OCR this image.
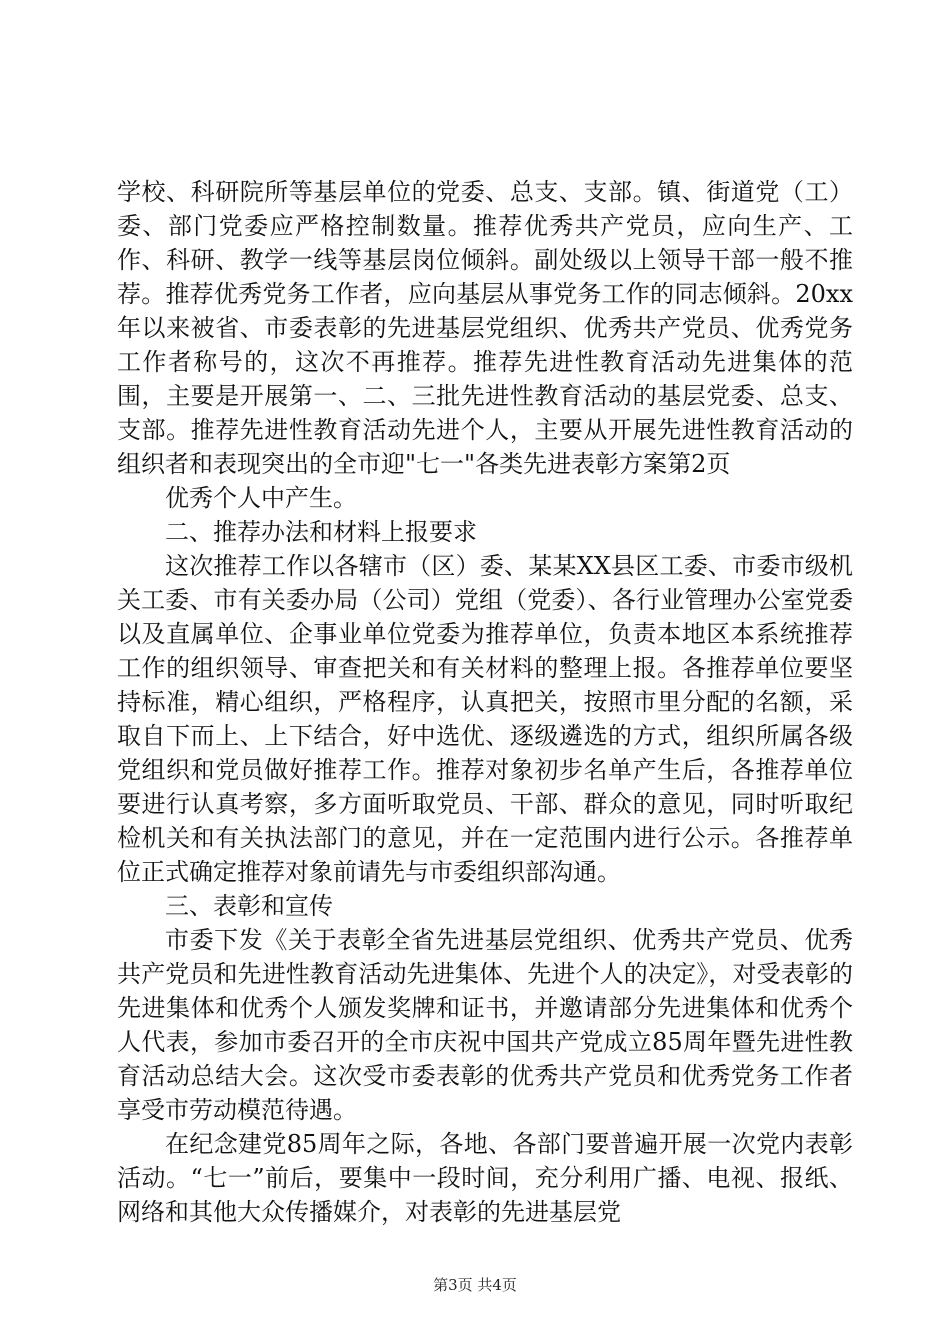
学校、科研院所等基层单位的党委、总支、支部。镇、街道党（工）委、部门党委应严格控制数量。推荐优秀共产党员，应向生产、工作、科研、教学一线等基层岗位倾斜。副处级以上领导干部一般不推荐。推荐优秀党务工作者，应向基层从事党务工作的同志倾斜。20xx年以来被省、市委表彰的先进基层党组织、优秀共产党员、优秀党务工作者称号的，这次不再推荐。推荐先进性教育活动先进集体的范围，主要是开展第一、二、三批先进性教育活动的基层党委、总支、支部。推荐先进性教育活动先进个人，主要从开展先进性教育活动的组织者和表现突出的全市迎"七一"各类先进表彰方案第2页

优秀个人中产生。

二、推荐办法和材料上报要求

这次推荐工作以各辖市（区）委、某某XX县区工委、市委市级机关工委、市有关委办局（公司）党组（党委）、各行业管理办公室党委以及直属单位、企事业单位党委为推荐单位，负责本地区本系统推荐工作的组织领导、审查把关和有关材料的整理上报。各推荐单位要坚持标准，精心组织，严格程序，认真把关，按照市里分配的名额，采取自下而上、上下结合，好中选优、逐级遴选的方式，组织所属各级党组织和党员做好推荐工作。推荐对象初步名单产生后，各推荐单位要进行认真考察，多方面听取党员、干部、群众的意见，同时听取纪检机关和有关执法部门的意见，并在一定范围内进行公示。各推荐单位正式确定推荐对象前请先与市委组织部沟通。

三、表彰和宣传

市委下发《关于表彰全省先进基层党组织、优秀共产党员、优秀共产党员和先进性教育活动先进集体、先进个人的决定》，对受表彰的先进集体和优秀个人颁发奖牌和证书，并邀请部分先进集体和优秀个人代表，参加市委召开的全市庆祝中国共产党成立85周年暨先进性教育活动总结大会。这次受市委表彰的优秀共产党员和优秀党务工作者享受市劳动模范待遇。

在纪念建党85周年之际，各地、各部门要普遍开展一次党内表彰活动。“七一”前后，要集中一段时间，充分利用广播、电视、报纸、网络和其他大众传播媒介，对表彰的先进基层党

第3页 共4页
